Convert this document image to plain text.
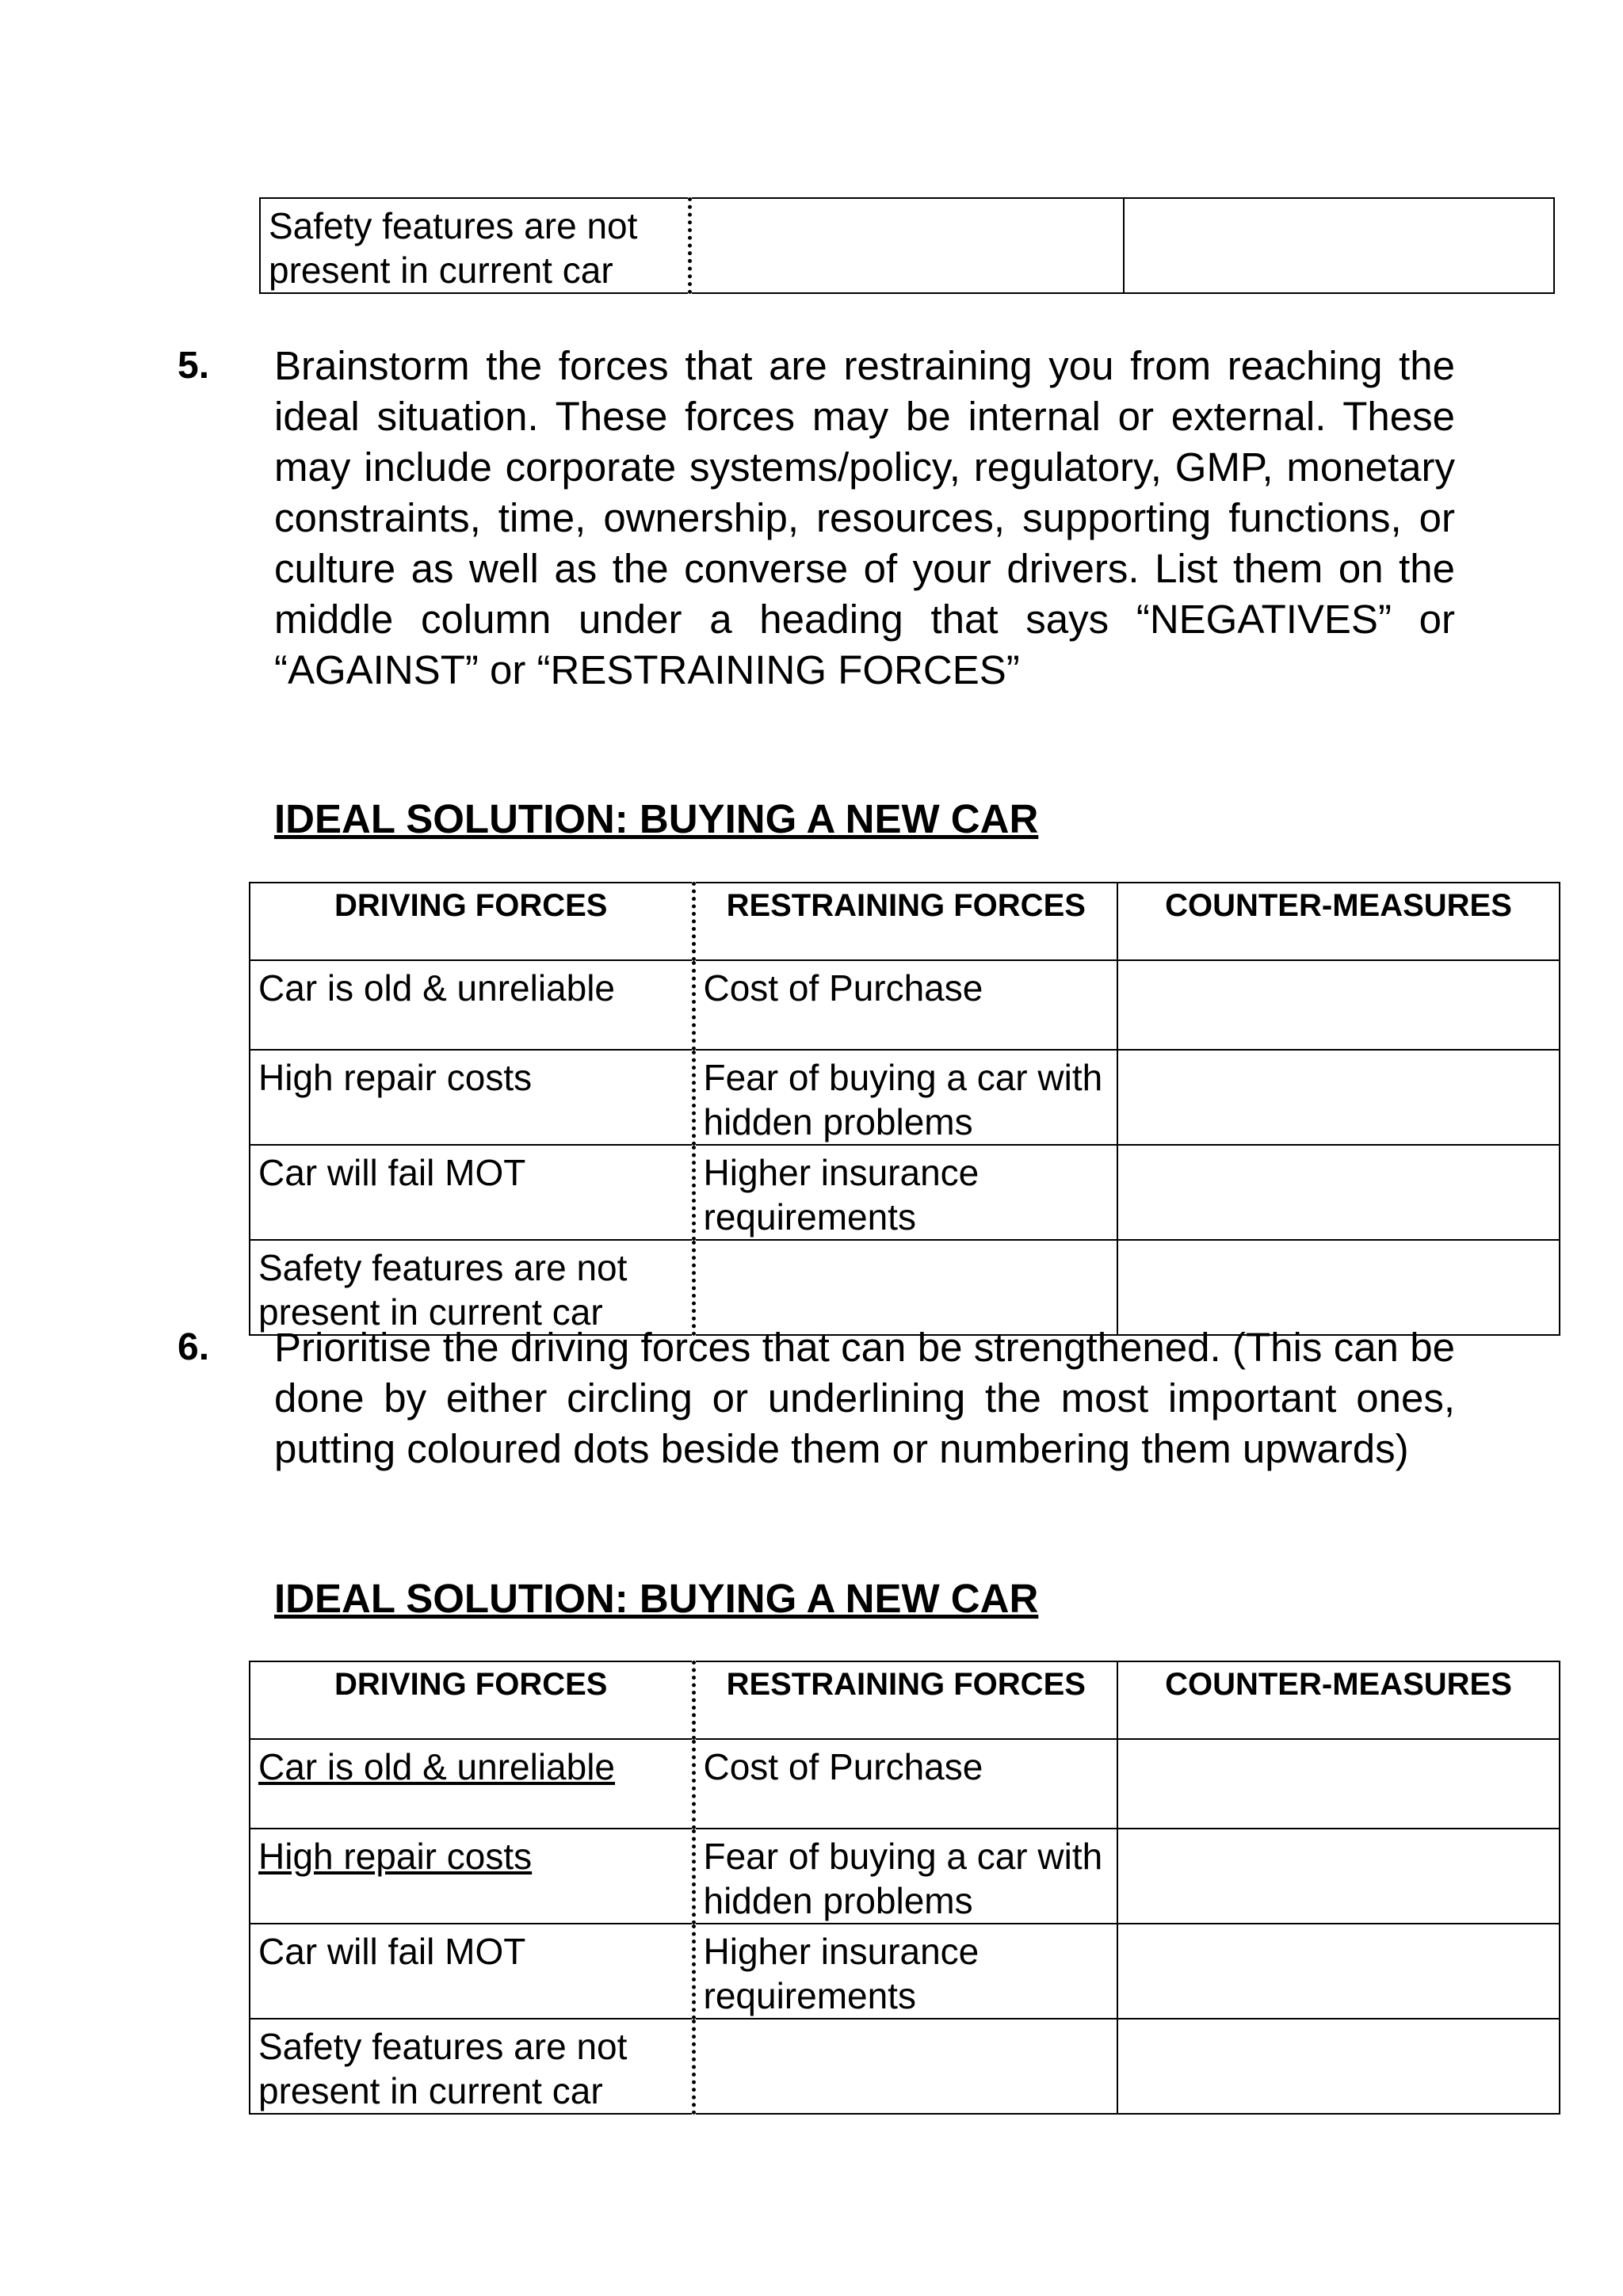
Safety features are not present in current car		
5. Brainstorm the forces that are restraining you from reaching the ideal situation. These forces may be internal or external. These may include corporate systems/policy, regulatory, GMP, monetary constraints, time, ownership, resources, supporting functions, or culture as well as the converse of your drivers. List them on the middle column under a heading that says “NEGATIVES” or “AGAINST” or “RESTRAINING FORCES”
IDEAL SOLUTION: BUYING A NEW CAR
DRIVING FORCES	RESTRAINING FORCES	COUNTER-MEASURES
Car is old & unreliable	Cost of Purchase	
High repair costs	Fear of buying a car with hidden problems	
Car will fail MOT	Higher insurance requirements	
Safety features are not present in current car		
6. Prioritise the driving forces that can be strengthened. (This can be done by either circling or underlining the most important ones, putting coloured dots beside them or numbering them upwards)
IDEAL SOLUTION: BUYING A NEW CAR
DRIVING FORCES	RESTRAINING FORCES	COUNTER-MEASURES
Car is old & unreliable	Cost of Purchase	
High repair costs	Fear of buying a car with hidden problems	
Car will fail MOT	Higher insurance requirements	
Safety features are not present in current car		
